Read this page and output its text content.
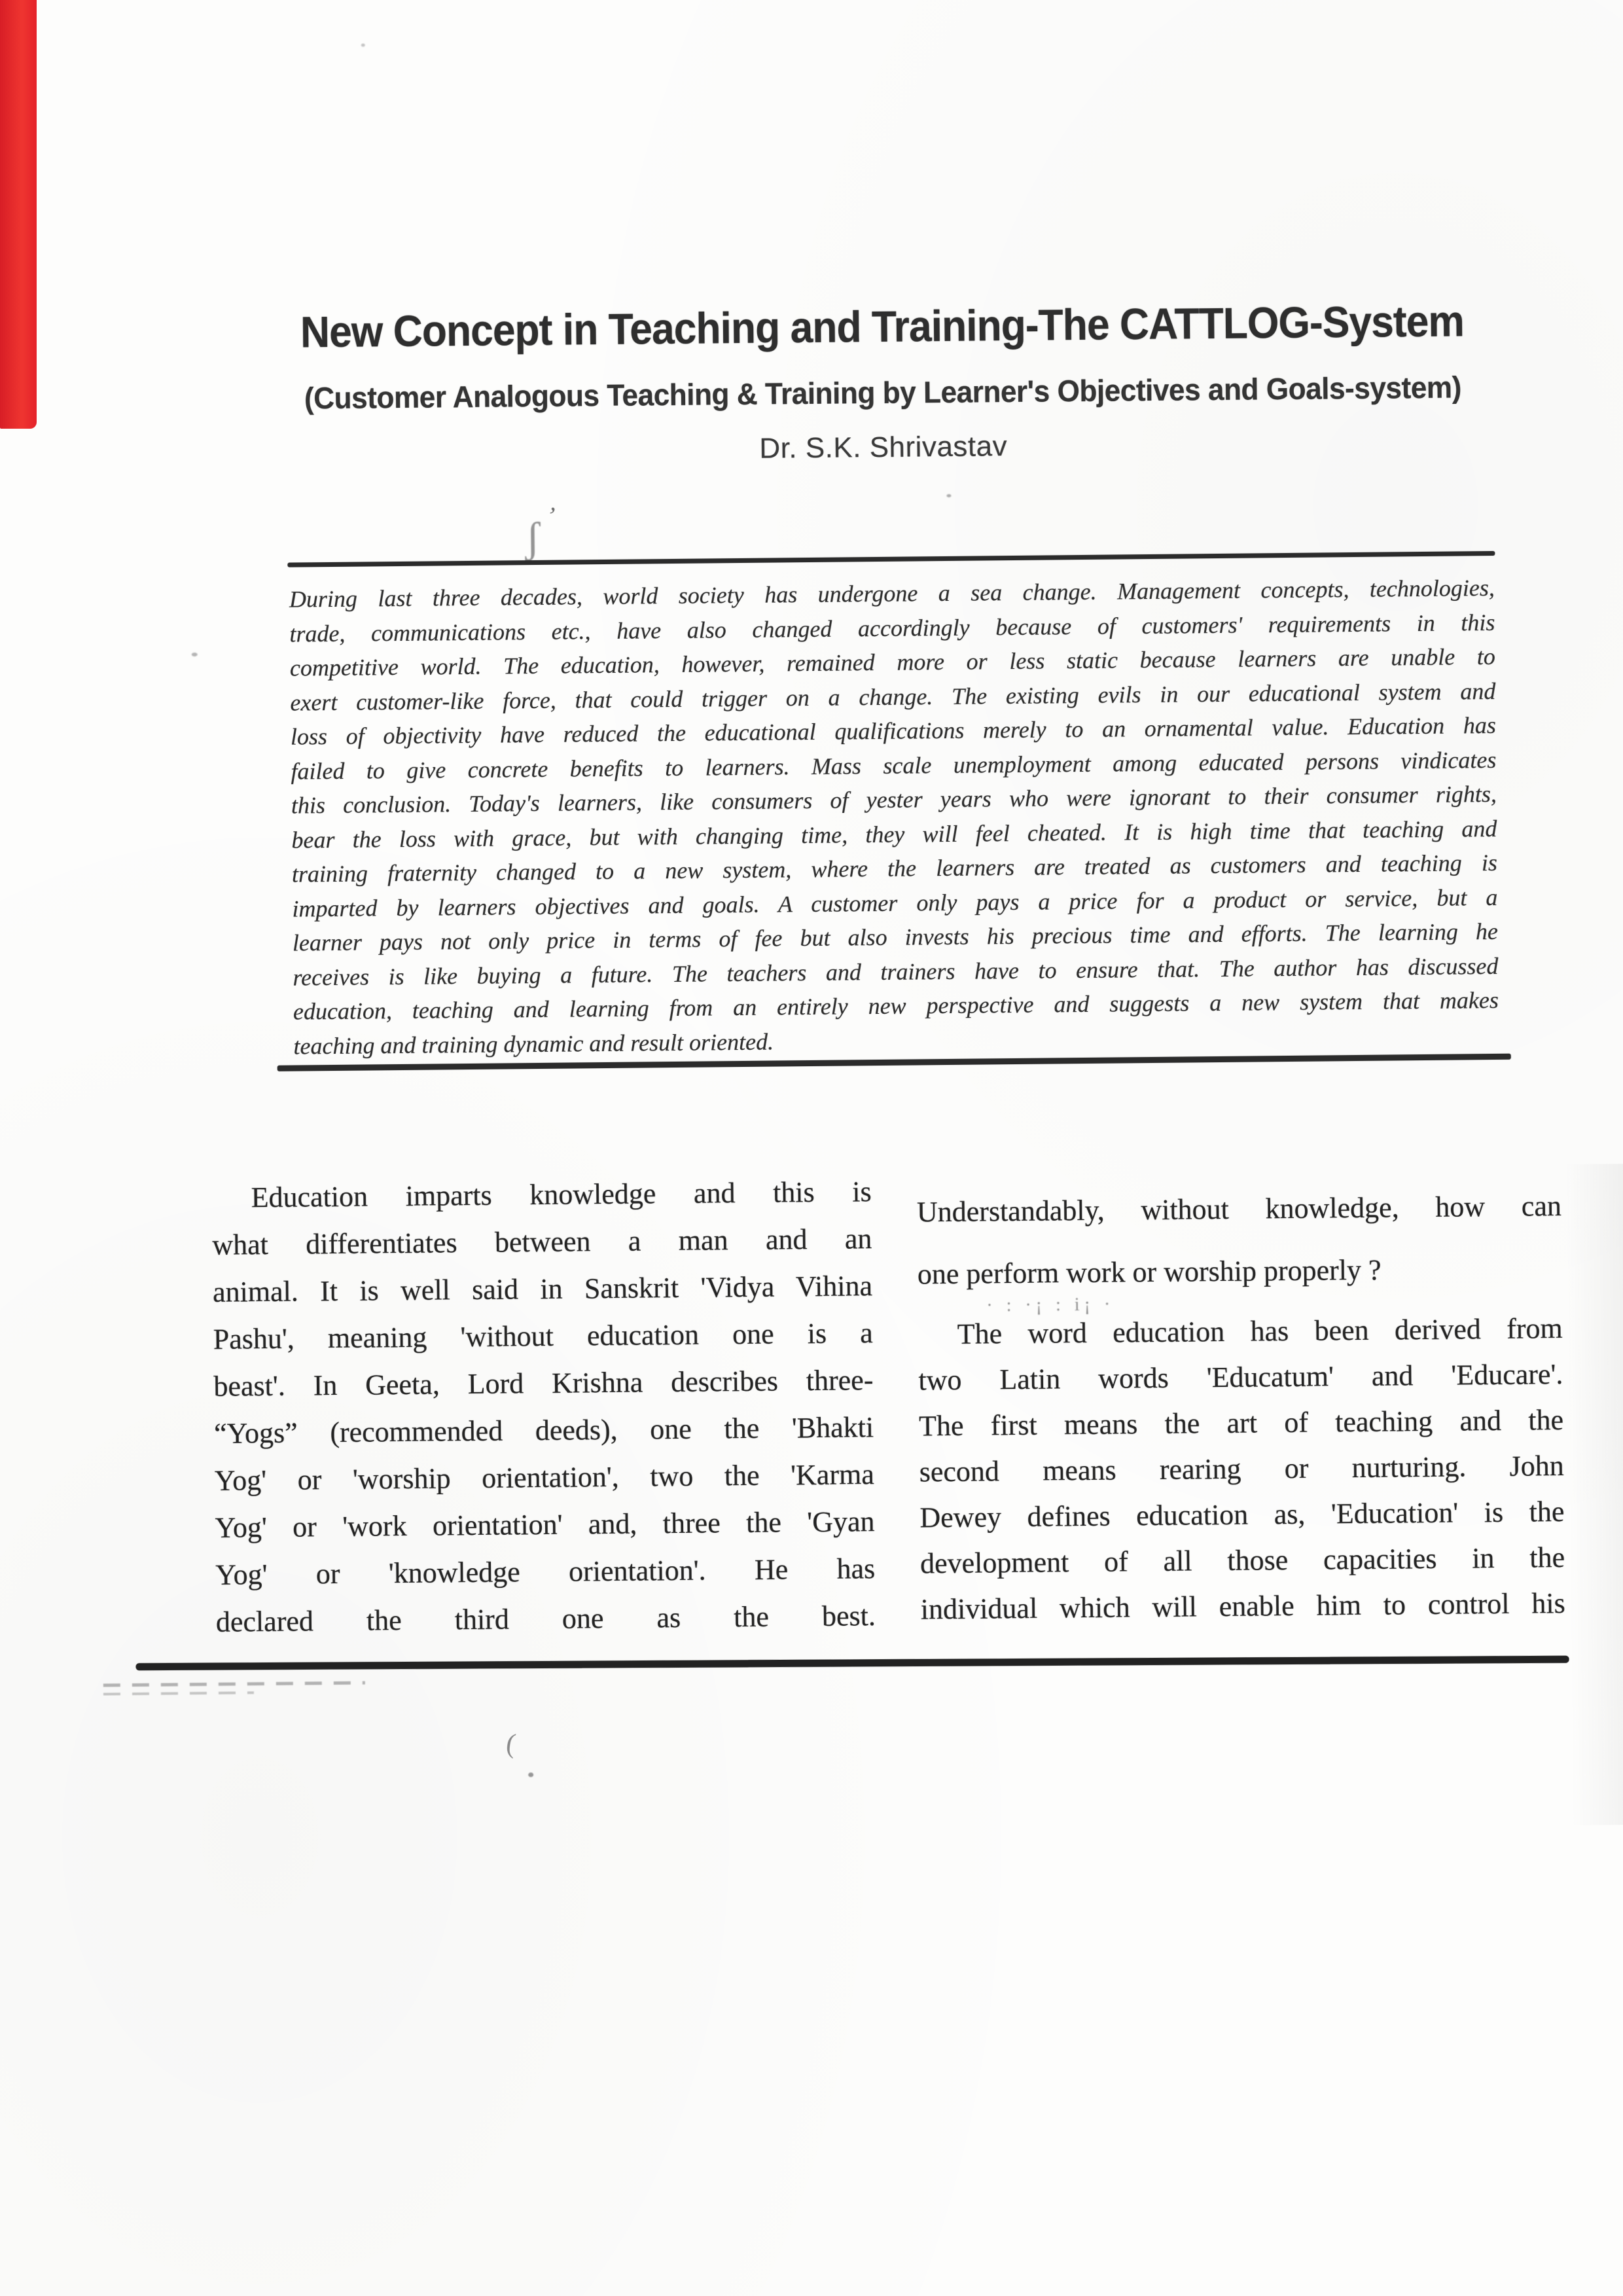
New Concept in Teaching and Training-The CATTLOG-System
(Customer Analogous Teaching & Training by Learner's Objectives and Goals-system)
Dr. S.K. Shrivastav
,
ʃ
During last three decades, world society has undergone a sea change. Management concepts, technologies,
trade, communications etc., have also changed accordingly because of customers' requirements in this
competitive world. The education, however, remained more or less static because learners are unable to
exert customer-like force, that could trigger on a change. The existing evils in our educational system and
loss of objectivity have reduced the educational qualifications merely to an ornamental value. Education has
failed to give concrete benefits to learners. Mass scale unemployment among educated persons vindicates
this conclusion. Today's learners, like consumers of yester years who were ignorant to their consumer rights,
bear the loss with grace, but with changing time, they will feel cheated. It is high time that teaching and
training fraternity changed to a new system, where the learners are treated as customers and teaching is
imparted by learners objectives and goals. A customer only pays a price for a product or service, but a
learner pays not only price in terms of fee but also invests his precious time and efforts. The learning he
receives is like buying a future. The teachers and trainers have to ensure that. The author has discussed
education, teaching and learning from an entirely new perspective and suggests a new system that makes
teaching and training dynamic and result oriented.
Education imparts knowledge and this is
what differentiates between a man and an
animal. It is well said in Sanskrit 'Vidya Vihina
Pashu', meaning 'without education one is a
beast'. In Geeta, Lord Krishna describes three-
“Yogs” (recommended deeds), one the 'Bhakti
Yog' or 'worship orientation', two the 'Karma
Yog' or 'work orientation' and, three the 'Gyan
Yog' or 'knowledge orientation'. He has
declared the third one as the best.
Understandably, without knowledge, how can
one perform work or worship properly ?
· : ·¡ : i¡ ·
The word education has been derived from
two Latin words 'Educatum' and 'Educare'.
The first means the art of teaching and the
second means rearing or nurturing. John
Dewey defines education as, 'Education' is the
development of all those capacities in the
individual which will enable him to control his
(
